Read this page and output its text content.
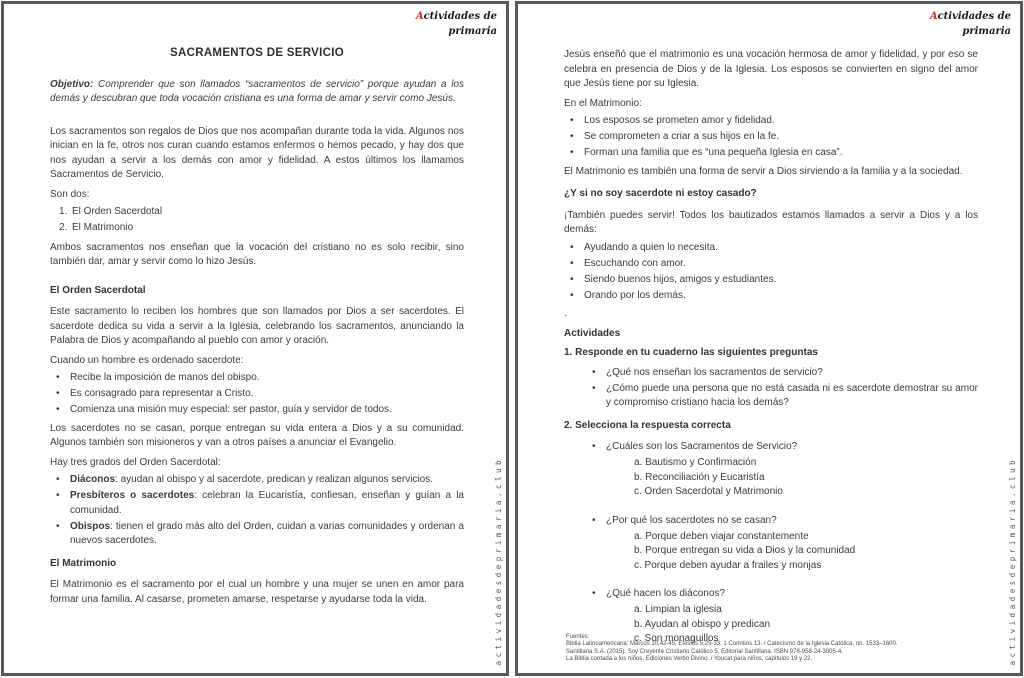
Actividades de
primaria
SACRAMENTOS DE SERVICIO

Objetivo: Comprender que son llamados “sacramentos de servicio” porque ayudan a los demás y descubran que toda vocación cristiana es una forma de amar y servir como Jesús.

Los sacramentos son regalos de Dios que nos acompañan durante toda la vida. Algunos nos inician en la fe, otros nos curan cuando estamos enfermos o hemos pecado, y hay dos que nos ayudan a servir a los demás con amor y fidelidad. A estos últimos los llamamos Sacramentos de Servicio.

Son dos:

1. El Orden Sacerdotal
2. El Matrimonio

Ambos sacramentos nos enseñan que la vocación del cristiano no es solo recibir, sino también dar, amar y servir como lo hizo Jesús.

El Orden Sacerdotal

Este sacramento lo reciben los hombres que son llamados por Dios a ser sacerdotes. El sacerdote dedica su vida a servir a la Iglesia, celebrando los sacramentos, anunciando la Palabra de Dios y acompañando al pueblo con amor y oración.

Cuando un hombre es ordenado sacerdote:

•
Recibe la imposición de manos del obispo.
•
Es consagrado para representar a Cristo.
•
Comienza una misión muy especial: ser pastor, guía y servidor de todos.

Los sacerdotes no se casan, porque entregan su vida entera a Dios y a su comunidad. Algunos también son misioneros y van a otros países a anunciar el Evangelio.

Hay tres grados del Orden Sacerdotal:

•
Diáconos: ayudan al obispo y al sacerdote, predican y realizan algunos servicios.
•
Presbíteros o sacerdotes: celebran la Eucaristía, confiesan, enseñan y guían a la comunidad.
•
Obispos: tienen el grado más alto del Orden, cuidan a varias comunidades y ordenan a nuevos sacerdotes.
El Matrimonio

El Matrimonio es el sacramento por el cual un hombre y una mujer se unen en amor para formar una familia. Al casarse, prometen amarse, respetarse y ayudarse toda la vida.	actividadesdeprimaria.club
Actividades de
primaria

Jesús enseñó que el matrimonio es una vocación hermosa de amor y fidelidad, y por eso se celebra en presencia de Dios y de la Iglesia. Los esposos se convierten en signo del amor que Jesús tiene por su Iglesia.

En el Matrimonio:

•
Los esposos se prometen amor y fidelidad.
•
Se comprometen a criar a sus hijos en la fe.
•
Forman una familia que es “una pequeña Iglesia en casa”.

El Matrimonio es también una forma de servir a Dios sirviendo a la familia y a la sociedad.

¿Y si no soy sacerdote ni estoy casado?

¡También puedes servir! Todos los bautizados estamos llamados a servir a Dios y a los demás:

•
Ayudando a quien lo necesita.
•
Escuchando con amor.
•
Siendo buenos hijos, amigos y estudiantes.
•
Orando por los demás.
.
Actividades
1. Responde en tu cuaderno las siguientes preguntas
•
¿Qué nos enseñan los sacramentos de servicio?
•
¿Cómo puede una persona que no está casada ni es sacerdote demostrar su amor y compromiso cristiano hacia los demás?
2. Selecciona la respuesta correcta
•
¿Cuáles son los Sacramentos de Servicio?
a. Bautismo y Confirmación
b. Reconciliación y Eucaristía
c. Orden Sacerdotal y Matrimonio
•
¿Por qué los sacerdotes no se casan?
a. Porque deben viajar constantemente
b. Porque entregan su vida a Dios y la comunidad
c. Porque deben ayudar a frailes y monjas
•
¿Qué hacen los diáconos?
a. Limpian la iglesia
b. Ayudan al obispo y predican
c. Son monaguillos
Fuentes:
Biblia Latinoamericana: Marcos 10,42-45, Efesios 5,25-33; 1 Corintios 13. / Catecismo de la Iglesia Católica, nn. 1533–1600.
Santillana S.A. (2015). Soy Creyente Cristiano Católico 5. Editorial Santillana. ISBN 978-958-24-3005-4.
La Biblia contada a los niños, Ediciones Verbo Divino. / Youcat para niños, capítulos 19 y 22.	actividadesdeprimaria.club
